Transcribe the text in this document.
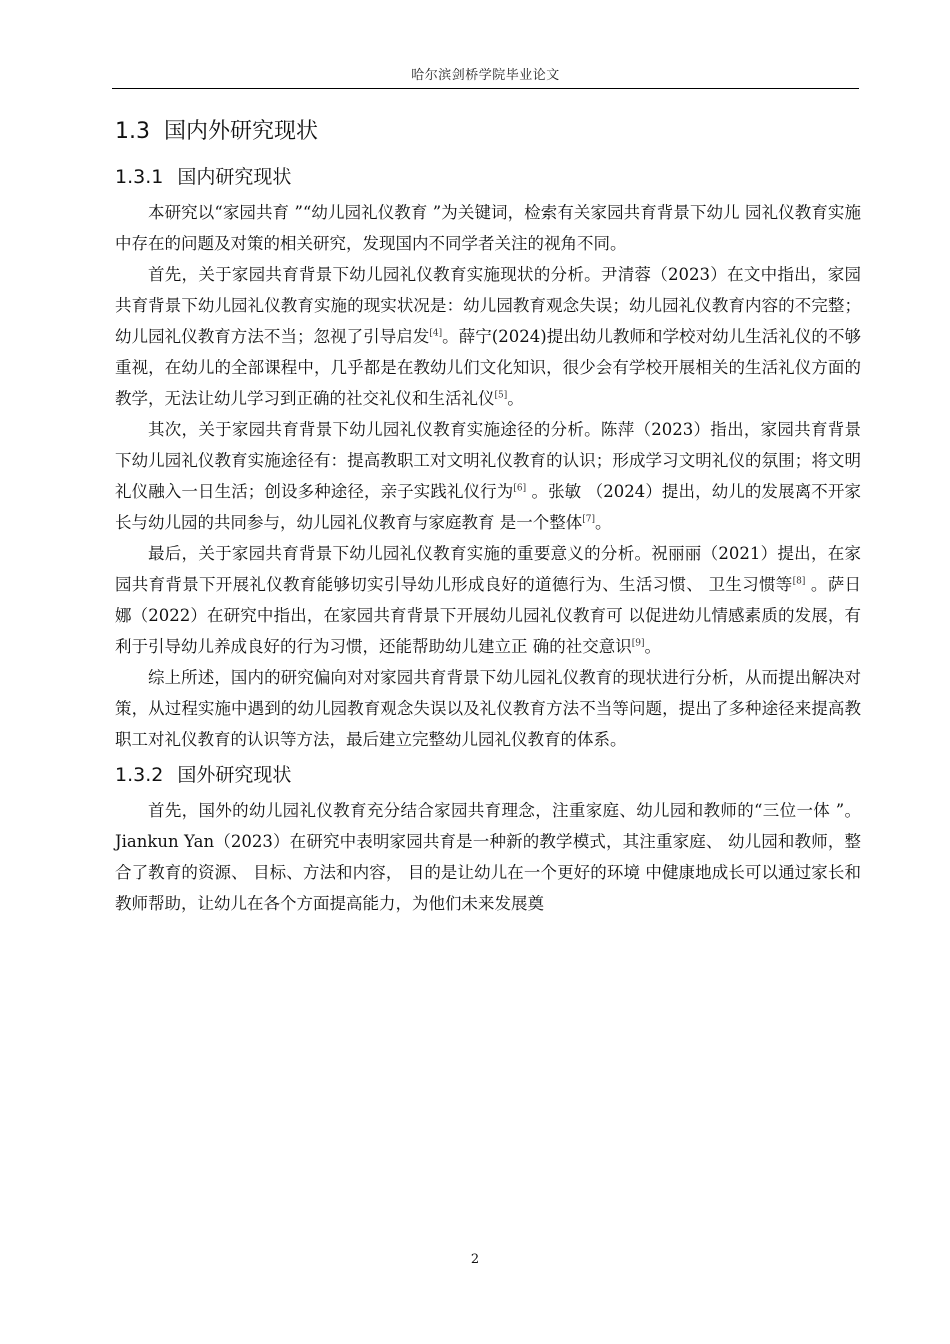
哈尔滨剑桥学院毕业论文
1.3 国内外研究现状
1.3.1 国内研究现状

本研究以“家园共育 ”“幼儿园礼仪教育 ”为关键词，检索有关家园共育背景下幼儿 园礼仪教育实施中存在的问题及对策的相关研究，发现国内不同学者关注的视角不同。

首先，关于家园共育背景下幼儿园礼仪教育实施现状的分析。尹清蓉（2023）在文中指出，家园共育背景下幼儿园礼仪教育实施的现实状况是：幼儿园教育观念失误；幼儿园礼仪教育内容的不完整；幼儿园礼仪教育方法不当；忽视了引导启发[4]。薛宁(2024)提出幼儿教师和学校对幼儿生活礼仪的不够重视，在幼儿的全部课程中，几乎都是在教幼儿们文化知识，很少会有学校开展相关的生活礼仪方面的教学，无法让幼儿学习到正确的社交礼仪和生活礼仪[5]。

其次，关于家园共育背景下幼儿园礼仪教育实施途径的分析。陈萍（2023）指出，家园共育背景下幼儿园礼仪教育实施途径有：提高教职工对文明礼仪教育的认识；形成学习文明礼仪的氛围；将文明礼仪融入一日生活；创设多种途径，亲子实践礼仪行为[6] 。张敏 （2024）提出，幼儿的发展离不开家长与幼儿园的共同参与，幼儿园礼仪教育与家庭教育 是一个整体[7]。

最后，关于家园共育背景下幼儿园礼仪教育实施的重要意义的分析。祝丽丽（2021）提出，在家园共育背景下开展礼仪教育能够切实引导幼儿形成良好的道德行为、生活习惯、 卫生习惯等[8] 。萨日娜（2022）在研究中指出，在家园共育背景下开展幼儿园礼仪教育可 以促进幼儿情感素质的发展，有利于引导幼儿养成良好的行为习惯，还能帮助幼儿建立正 确的社交意识[9]。

综上所述，国内的研究偏向对对家园共育背景下幼儿园礼仪教育的现状进行分析，从而提出解决对策，从过程实施中遇到的幼儿园教育观念失误以及礼仪教育方法不当等问题，提出了多种途径来提高教职工对礼仪教育的认识等方法，最后建立完整幼儿园礼仪教育的体系。

1.3.2 国外研究现状

首先，国外的幼儿园礼仪教育充分结合家园共育理念，注重家庭、幼儿园和教师的“三位一体 ”。Jiankun Yan（2023）在研究中表明家园共育是一种新的教学模式，其注重家庭、 幼儿园和教师，整合了教育的资源、 目标、方法和内容， 目的是让幼儿在一个更好的环境 中健康地成长可以通过家长和教师帮助，让幼儿在各个方面提高能力，为他们未来发展奠

2
